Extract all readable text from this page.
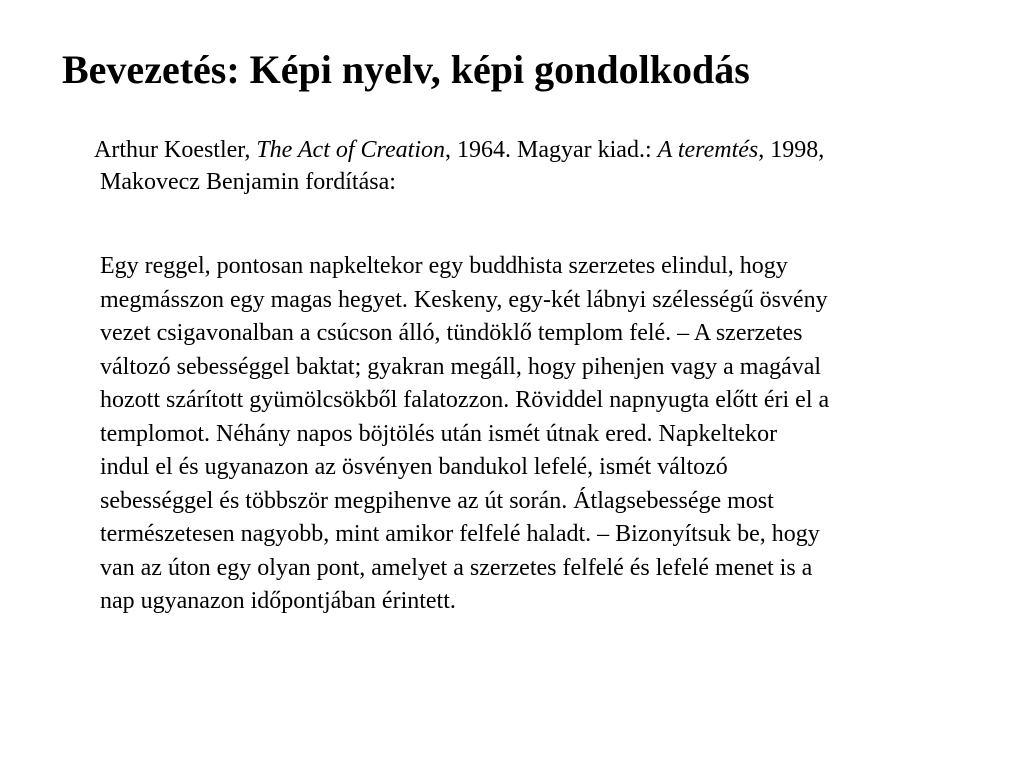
Bevezetés: Képi nyelv, képi gondolkodás

Arthur Koestler, The Act of Creation, 1964. Magyar kiad.: A teremtés, 1998,
Makovecz Benjamin fordítása:

Egy reggel, pontosan napkeltekor egy buddhista szerzetes elindul, hogy
megmásszon egy magas hegyet. Keskeny, egy-két lábnyi szélességű ösvény
vezet csigavonalban a csúcson álló, tündöklő templom felé. – A szerzetes
változó sebességgel baktat; gyakran megáll, hogy pihenjen vagy a magával
hozott szárított gyümölcsökből falatozzon. Röviddel napnyugta előtt éri el a
templomot. Néhány napos böjtölés után ismét útnak ered. Napkeltekor
indul el és ugyanazon az ösvényen bandukol lefelé, ismét változó
sebességgel és többször megpihenve az út során. Átlagsebessége most
természetesen nagyobb, mint amikor felfelé haladt. – Bizonyítsuk be, hogy
van az úton egy olyan pont, amelyet a szerzetes felfelé és lefelé menet is a
nap ugyanazon időpontjában érintett.
